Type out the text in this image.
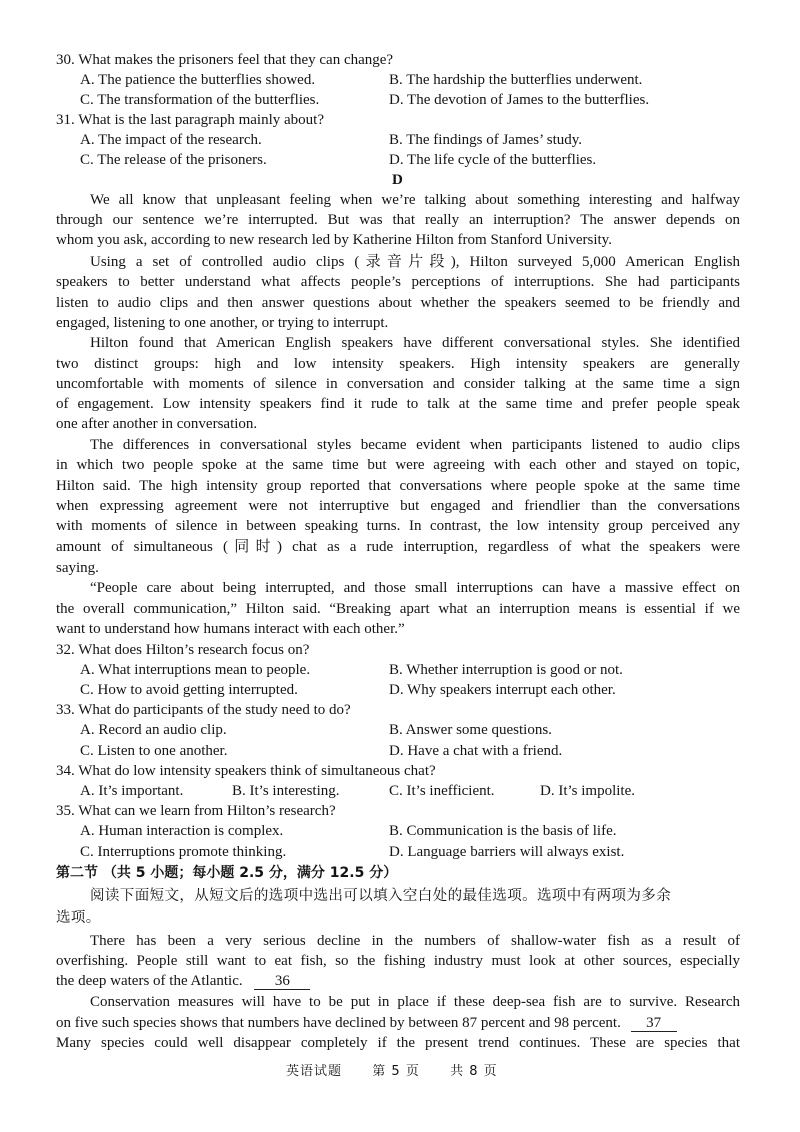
30. What makes the prisoners feel that they can change?
A. The patience the butterflies showed.	B. The hardship the butterflies underwent.
C. The transformation of the butterflies.	D. The devotion of James to the butterflies.
31. What is the last paragraph mainly about?
A. The impact of the research.	B. The findings of James’ study.
C. The release of the prisoners.	D. The life cycle of the butterflies.
D
We all know that unpleasant feeling when we’re talking about something interesting and halfway
through our sentence we’re interrupted. But was that really an interruption? The answer depends on
whom you ask, according to new research led by Katherine Hilton from Stanford University.
Using a set of controlled audio clips (录音片段), Hilton surveyed 5,000 American English
speakers to better understand what affects people’s perceptions of interruptions. She had participants
listen to audio clips and then answer questions about whether the speakers seemed to be friendly and
engaged, listening to one another, or trying to interrupt.
Hilton found that American English speakers have different conversational styles. She identified
two distinct groups: high and low intensity speakers. High intensity speakers are generally
uncomfortable with moments of silence in conversation and consider talking at the same time a sign
of engagement. Low intensity speakers find it rude to talk at the same time and prefer people speak
one after another in conversation.
The differences in conversational styles became evident when participants listened to audio clips
in which two people spoke at the same time but were agreeing with each other and stayed on topic,
Hilton said. The high intensity group reported that conversations where people spoke at the same time
when expressing agreement were not interruptive but engaged and friendlier than the conversations
with moments of silence in between speaking turns. In contrast, the low intensity group perceived any
amount of simultaneous (同时) chat as a rude interruption, regardless of what the speakers were
saying.
“People care about being interrupted, and those small interruptions can have a massive effect on
the overall communication,” Hilton said. “Breaking apart what an interruption means is essential if we
want to understand how humans interact with each other.”
32. What does Hilton’s research focus on?
A. What interruptions mean to people.	B. Whether interruption is good or not.
C. How to avoid getting interrupted.	D. Why speakers interrupt each other.
33. What do participants of the study need to do?
A. Record an audio clip.	B. Answer some questions.
C. Listen to one another.	D. Have a chat with a friend.
34. What do low intensity speakers think of simultaneous chat?
A. It’s important.	B. It’s interesting.	C. It’s inefficient.	D. It’s impolite.
35. What can we learn from Hilton’s research?
A. Human interaction is complex.	B. Communication is the basis of life.
C. Interruptions promote thinking.	D. Language barriers will always exist.
第二节 （共 5 小题；每小题 2.5 分，满分 12.5 分）
阅读下面短文，从短文后的选项中选出可以填入空白处的最佳选项。选项中有两项为多余
选项。
There has been a very serious decline in the numbers of shallow-water fish as a result of
overfishing. People still want to eat fish, so the fishing industry must look at other sources, especially
the deep waters of the Atlantic. 36
Conservation measures will have to be put in place if these deep-sea fish are to survive. Research
on five such species shows that numbers have declined by between 87 percent and 98 percent. 37
Many species could well disappear completely if the present trend continues. These are species that
英语试题 第 5 页 共 8 页
